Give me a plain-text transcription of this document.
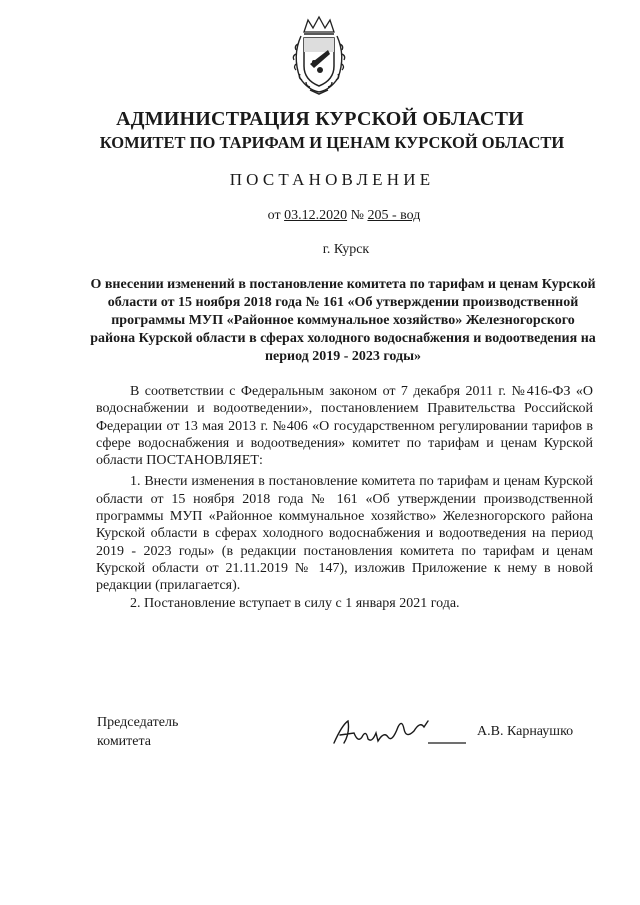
АДМИНИСТРАЦИЯ КУРСКОЙ ОБЛАСТИ
КОМИТЕТ ПО ТАРИФАМ И ЦЕНАМ КУРСКОЙ ОБЛАСТИ
ПОСТАНОВЛЕНИЕ
от 03.12.2020 № 205 - вод
г. Курск
О внесении изменений в постановление комитета по тарифам и ценам Курской области от 15 ноября 2018 года № 161 «Об утверждении производственной программы МУП «Районное коммунальное хозяйство» Железногорского района Курской области в сферах холодного водоснабжения и водоотведения на период 2019 - 2023 годы»

В соответствии с Федеральным законом от 7 декабря 2011 г. №416-ФЗ «О водоснабжении и водоотведении», постановлением Правительства Российской Федерации от 13 мая 2013 г. №406 «О государственном регулировании тарифов в сфере водоснабжения и водоотведения» комитет по тарифам и ценам Курской области ПОСТАНОВЛЯЕТ:

1. Внести изменения в постановление комитета по тарифам и ценам Курской области от 15 ноября 2018 года № 161 «Об утверждении производственной программы МУП «Районное коммунальное хозяйство» Железногорского района Курской области в сферах холодного водоснабжения и водоотведения на период 2019 - 2023 годы» (в редакции постановления комитета по тарифам и ценам Курской области от 21.11.2019 № 147), изложив Приложение к нему в новой редакции (прилагается).

2. Постановление вступает в силу с 1 января 2021 года.

Председатель
комитета
А.В. Карнаушко
